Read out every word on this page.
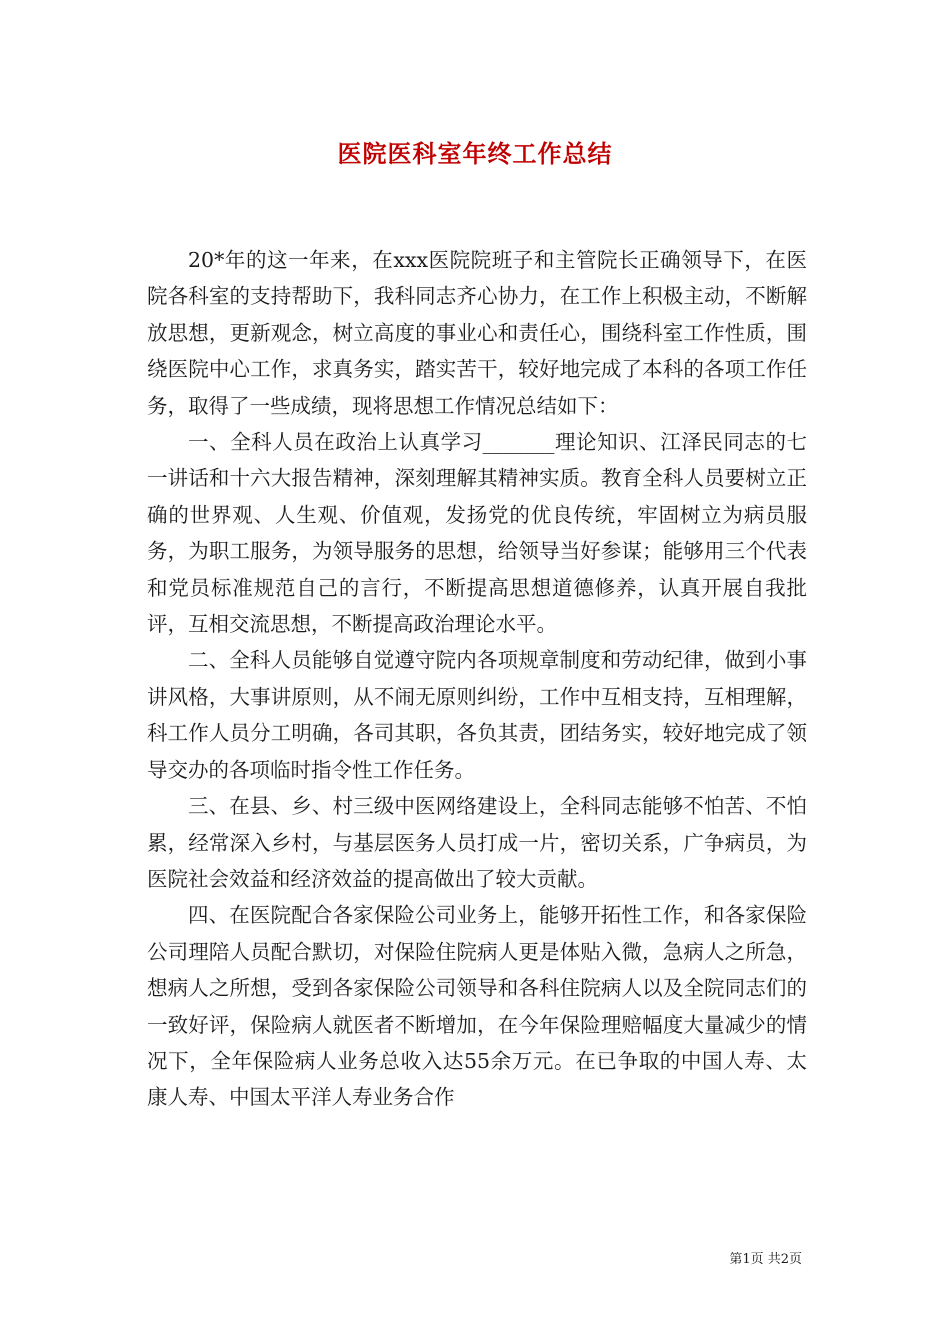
医院医科室年终工作总结

20*年的这一年来，在xxx医院院班子和主管院长正确领导下，在医院各科室的支持帮助下，我科同志齐心协力，在工作上积极主动，不断解放思想，更新观念，树立高度的事业心和责任心，围绕科室工作性质，围绕医院中心工作，求真务实，踏实苦干，较好地完成了本科的各项工作任务，取得了一些成绩，现将思想工作情况总结如下：

一、全科人员在政治上认真学习_______理论知识、江泽民同志的七一讲话和十六大报告精神，深刻理解其精神实质。教育全科人员要树立正确的世界观、人生观、价值观，发扬党的优良传统，牢固树立为病员服务，为职工服务，为领导服务的思想，给领导当好参谋；能够用三个代表和党员标准规范自己的言行，不断提高思想道德修养，认真开展自我批评，互相交流思想，不断提高政治理论水平。

二、全科人员能够自觉遵守院内各项规章制度和劳动纪律，做到小事讲风格，大事讲原则，从不闹无原则纠纷，工作中互相支持，互相理解，科工作人员分工明确，各司其职，各负其责，团结务实，较好地完成了领导交办的各项临时指令性工作任务。

三、在县、乡、村三级中医网络建设上，全科同志能够不怕苦、不怕累，经常深入乡村，与基层医务人员打成一片，密切关系，广争病员，为医院社会效益和经济效益的提高做出了较大贡献。

四、在医院配合各家保险公司业务上，能够开拓性工作，和各家保险公司理陪人员配合默切，对保险住院病人更是体贴入微，急病人之所急，想病人之所想，受到各家保险公司领导和各科住院病人以及全院同志们的一致好评，保险病人就医者不断增加，在今年保险理赔幅度大量减少的情况下，全年保险病人业务总收入达55余万元。在已争取的中国人寿、太康人寿、中国太平洋人寿业务合作

第1页 共2页
